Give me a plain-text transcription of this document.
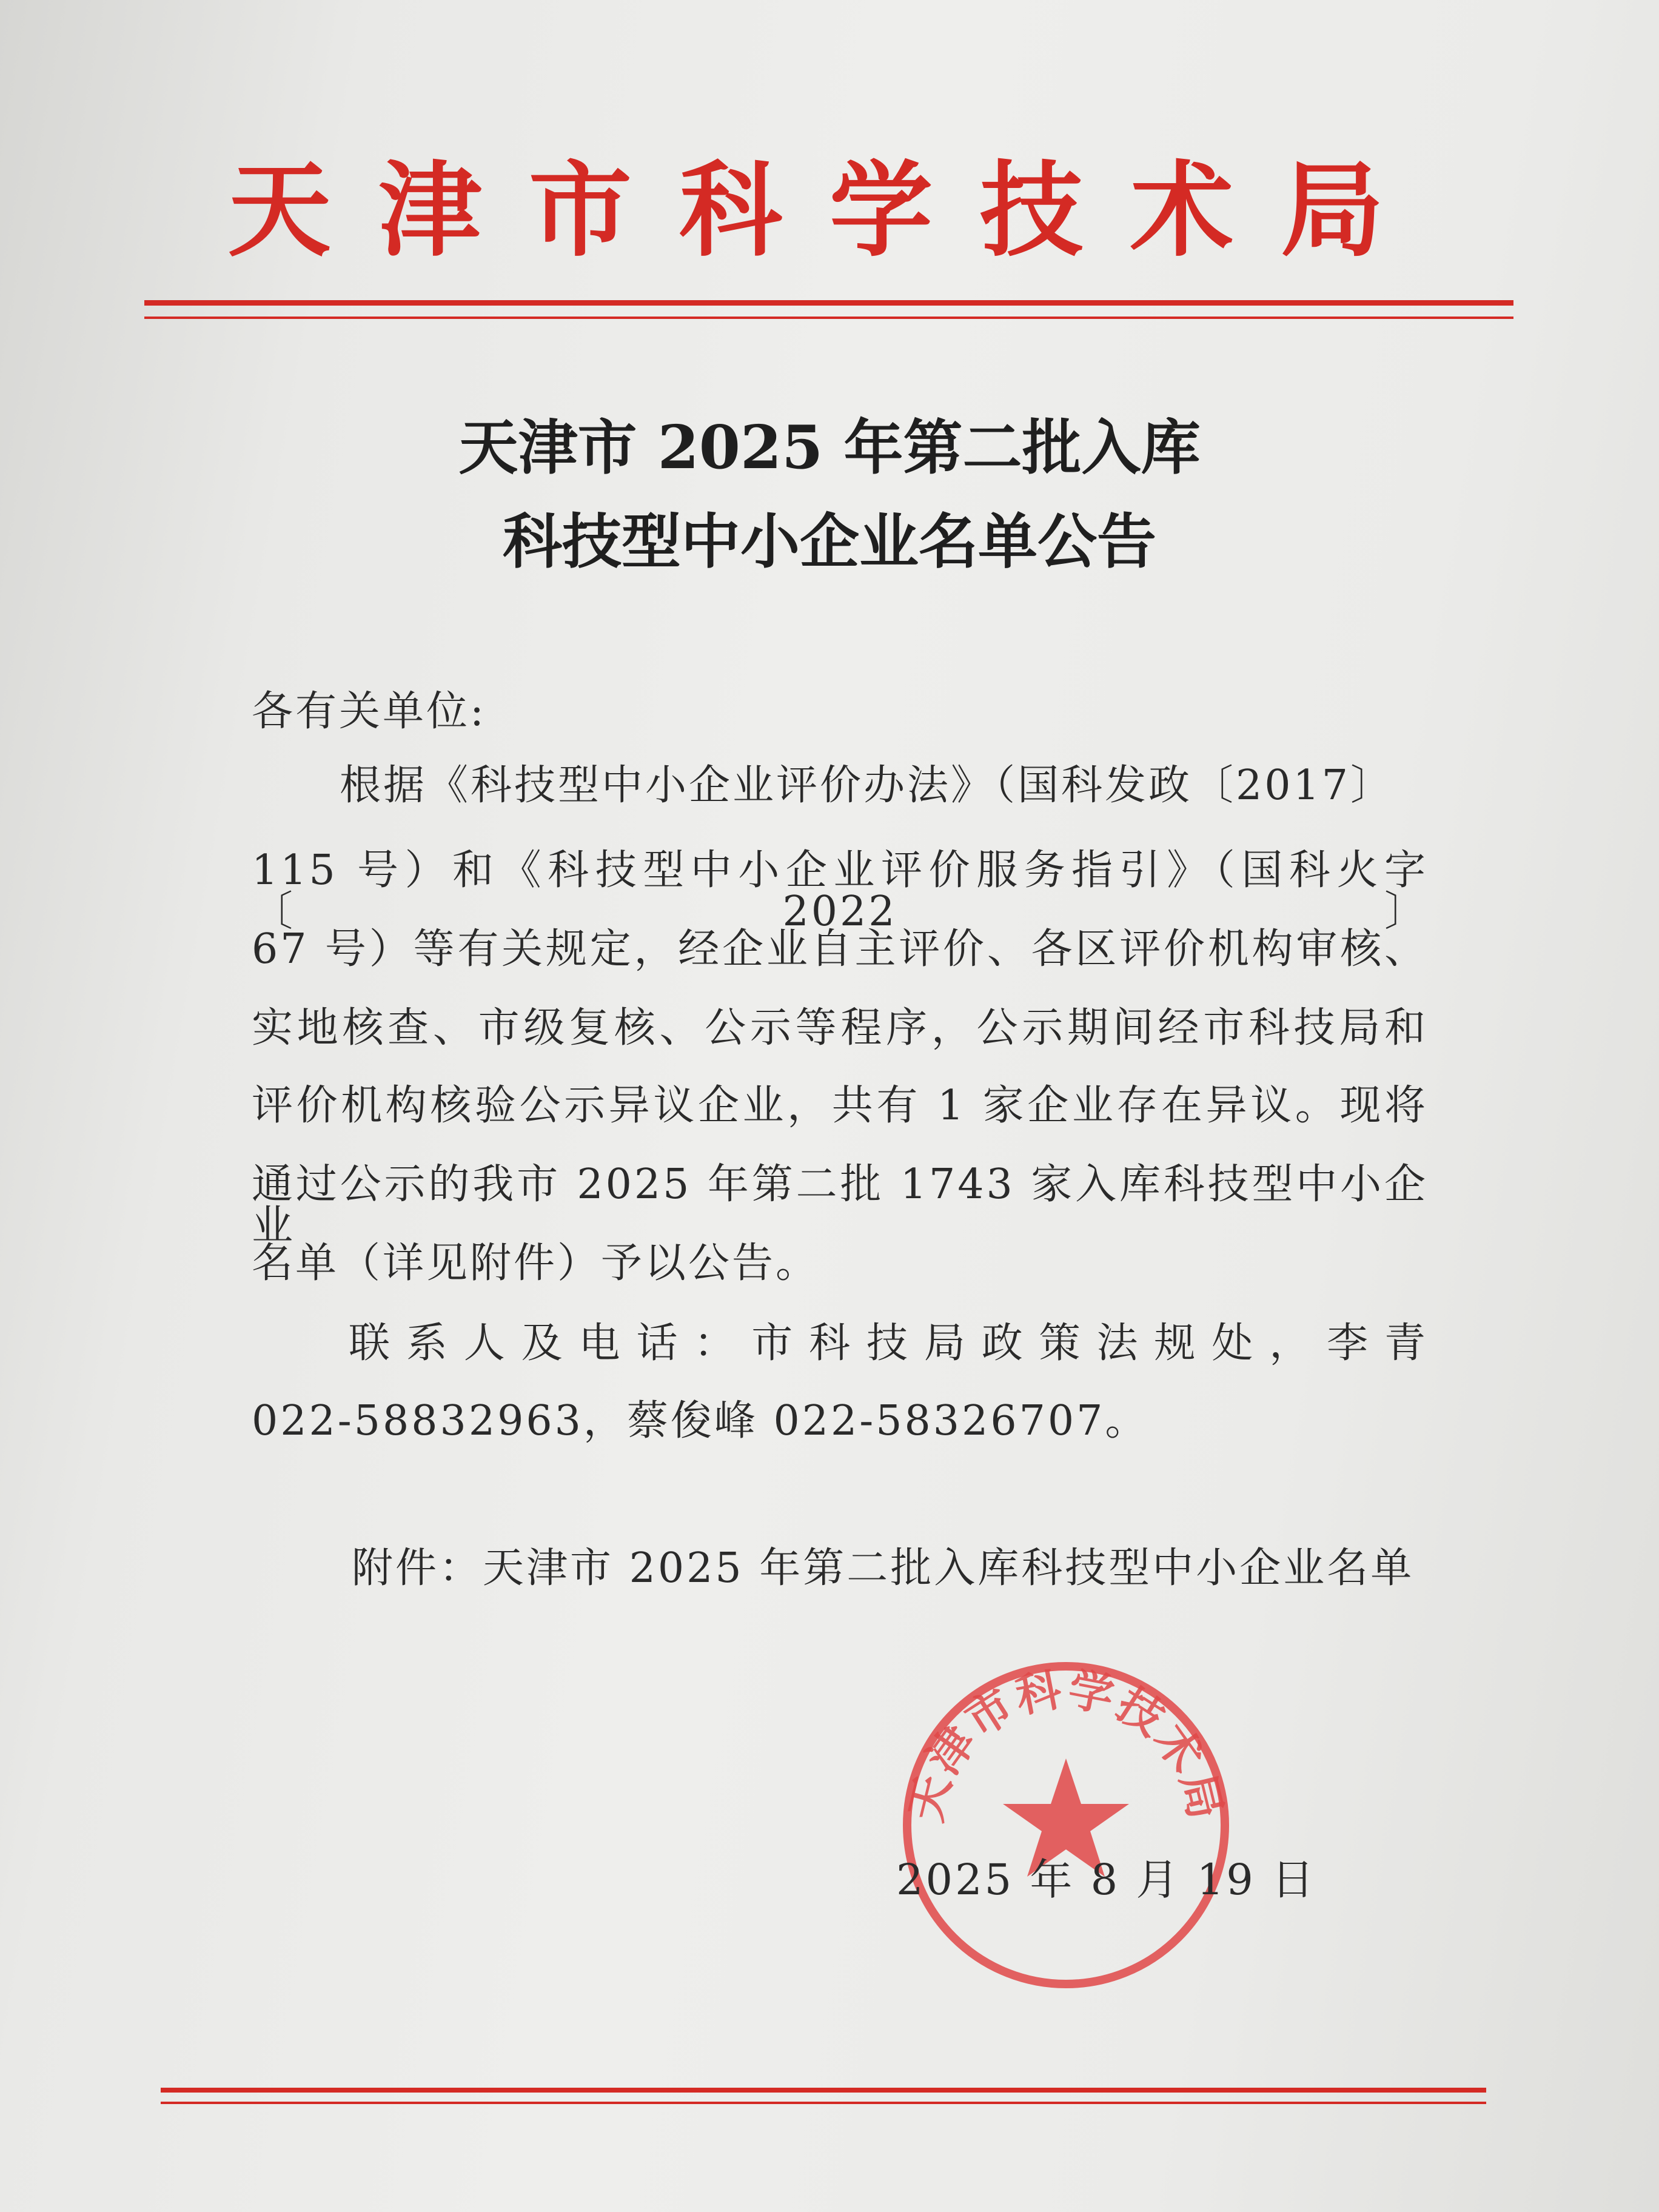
天津市科学技术局
天津市 2025 年第二批入库
科技型中小企业名单公告
各有关单位:
根据《科技型中小企业评价办法》（国科发政〔2017〕
115 号）和《科技型中小企业评价服务指引》（国科火字〔2022〕
67 号）等有关规定，经企业自主评价、各区评价机构审核、
实地核查、市级复核、公示等程序，公示期间经市科技局和
评价机构核验公示异议企业，共有 1 家企业存在异议。现将
通过公示的我市 2025 年第二批 1743 家入库科技型中小企业
名单（详见附件）予以公告。
联系人及电话：市科技局政策法规处，李青
022-58832963，蔡俊峰 022-58326707。
附件：天津市 2025 年第二批入库科技型中小企业名单
天津市科学技术局
2025 年 8 月 19 日
